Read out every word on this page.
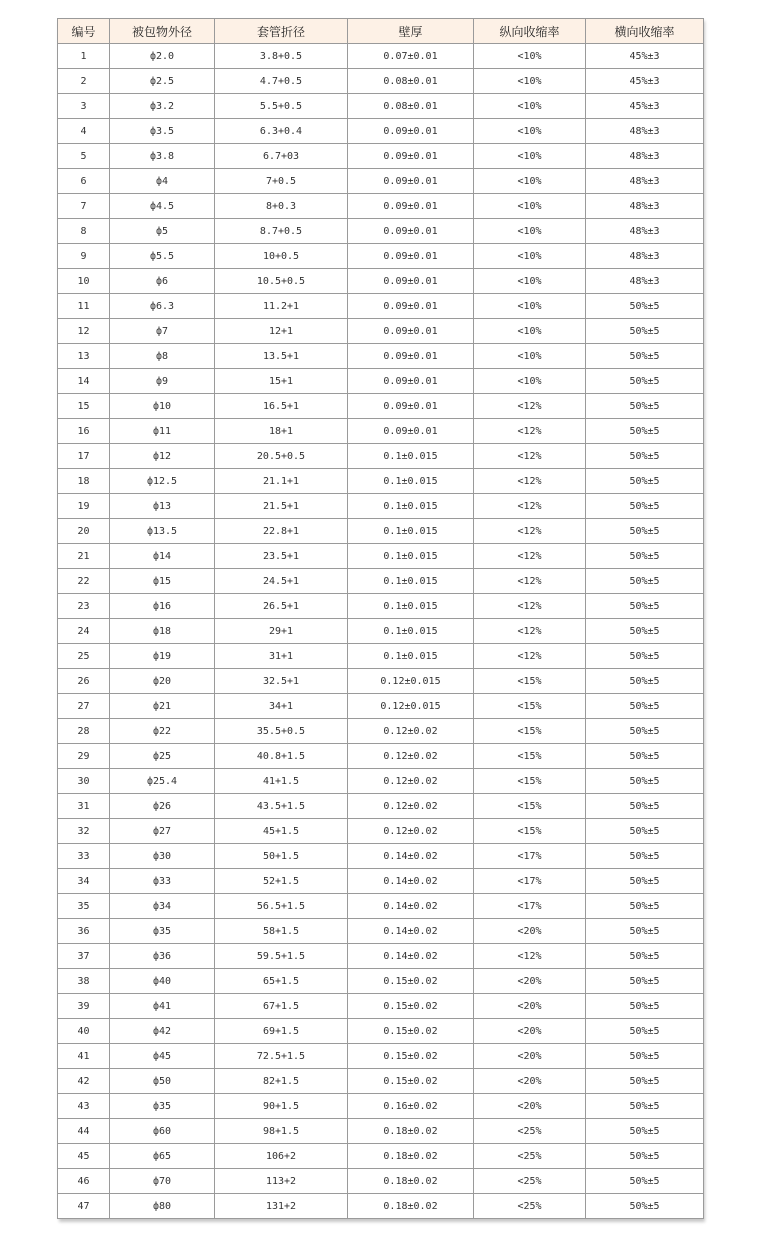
编号	被包物外径	套管折径	壁厚	纵向收缩率	横向收缩率
1	ф2.0	3.8+0.5	0.07±0.01	<10%	45%±3
2	ф2.5	4.7+0.5	0.08±0.01	<10%	45%±3
3	ф3.2	5.5+0.5	0.08±0.01	<10%	45%±3
4	ф3.5	6.3+0.4	0.09±0.01	<10%	48%±3
5	ф3.8	6.7+03	0.09±0.01	<10%	48%±3
6	ф4	7+0.5	0.09±0.01	<10%	48%±3
7	ф4.5	8+0.3	0.09±0.01	<10%	48%±3
8	ф5	8.7+0.5	0.09±0.01	<10%	48%±3
9	ф5.5	10+0.5	0.09±0.01	<10%	48%±3
10	ф6	10.5+0.5	0.09±0.01	<10%	48%±3
11	ф6.3	11.2+1	0.09±0.01	<10%	50%±5
12	ф7	12+1	0.09±0.01	<10%	50%±5
13	ф8	13.5+1	0.09±0.01	<10%	50%±5
14	ф9	15+1	0.09±0.01	<10%	50%±5
15	ф10	16.5+1	0.09±0.01	<12%	50%±5
16	ф11	18+1	0.09±0.01	<12%	50%±5
17	ф12	20.5+0.5	0.1±0.015	<12%	50%±5
18	ф12.5	21.1+1	0.1±0.015	<12%	50%±5
19	ф13	21.5+1	0.1±0.015	<12%	50%±5
20	ф13.5	22.8+1	0.1±0.015	<12%	50%±5
21	ф14	23.5+1	0.1±0.015	<12%	50%±5
22	ф15	24.5+1	0.1±0.015	<12%	50%±5
23	ф16	26.5+1	0.1±0.015	<12%	50%±5
24	ф18	29+1	0.1±0.015	<12%	50%±5
25	ф19	31+1	0.1±0.015	<12%	50%±5
26	ф20	32.5+1	0.12±0.015	<15%	50%±5
27	ф21	34+1	0.12±0.015	<15%	50%±5
28	ф22	35.5+0.5	0.12±0.02	<15%	50%±5
29	ф25	40.8+1.5	0.12±0.02	<15%	50%±5
30	ф25.4	41+1.5	0.12±0.02	<15%	50%±5
31	ф26	43.5+1.5	0.12±0.02	<15%	50%±5
32	ф27	45+1.5	0.12±0.02	<15%	50%±5
33	ф30	50+1.5	0.14±0.02	<17%	50%±5
34	ф33	52+1.5	0.14±0.02	<17%	50%±5
35	ф34	56.5+1.5	0.14±0.02	<17%	50%±5
36	ф35	58+1.5	0.14±0.02	<20%	50%±5
37	ф36	59.5+1.5	0.14±0.02	<12%	50%±5
38	ф40	65+1.5	0.15±0.02	<20%	50%±5
39	ф41	67+1.5	0.15±0.02	<20%	50%±5
40	ф42	69+1.5	0.15±0.02	<20%	50%±5
41	ф45	72.5+1.5	0.15±0.02	<20%	50%±5
42	ф50	82+1.5	0.15±0.02	<20%	50%±5
43	ф35	90+1.5	0.16±0.02	<20%	50%±5
44	ф60	98+1.5	0.18±0.02	<25%	50%±5
45	ф65	106+2	0.18±0.02	<25%	50%±5
46	ф70	113+2	0.18±0.02	<25%	50%±5
47	ф80	131+2	0.18±0.02	<25%	50%±5
